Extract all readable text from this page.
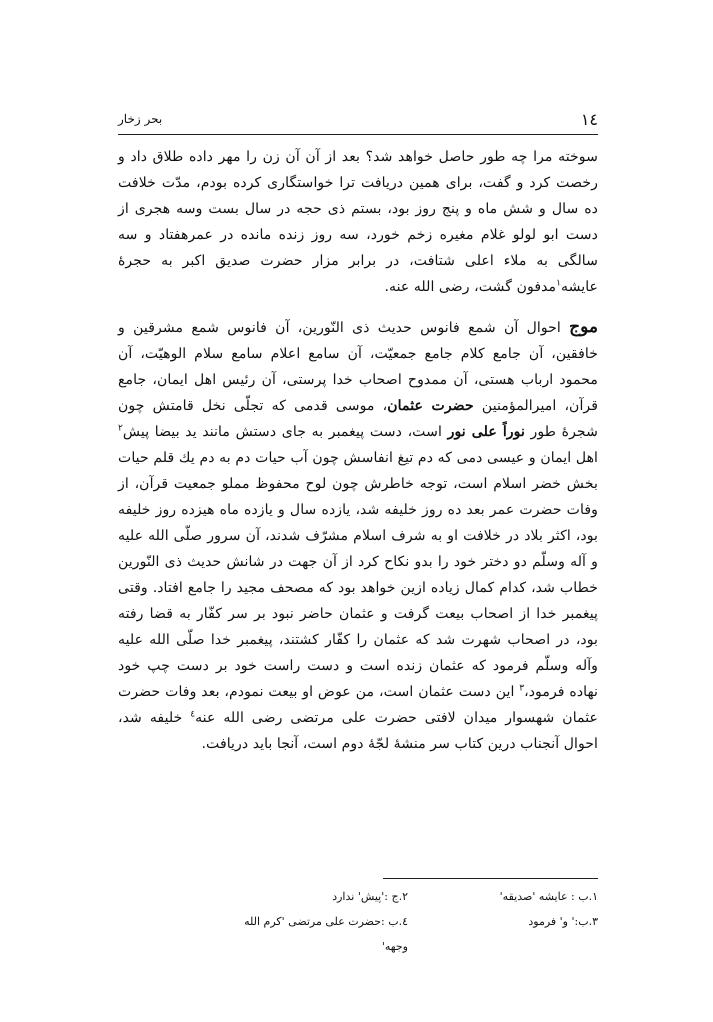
١٤
بحر زخار

سوخته مرا چه طور حاصل خواهد شد؟ بعد از آن آن زن را مهر داده طلاق داد و رخصت کرد و گفت، برای همین دریافت ترا خواستگاری کرده بودم، مدّت خلافت ده سال و شش ماه و پنج روز بود، بستم ذی حجه در سال بست وسه هجری از دست ابو لولو غلام مغیره زخم خورد، سه روز زنده مانده در عمرهفتاد و سه سالگی به ملاء اعلی شتافت، در برابر مزار حضرت صدیق اکبر به حجرۀ عایشه$^١$مدفون گشت، رضی الله عنه.

موج احوال آن شمع فانوس حدیث ذی النّورین، آن فانوس شمع مشرقین و خافقین، آن جامع کلام جامع جمعیّت، آن سامع اعلام سامع سلام الوهیّت، آن محمود ارباب هستی، آن ممدوح اصحاب خدا پرستی، آن رئیس اهل ایمان، جامع قرآن، امیرالمؤمنین حضرت عثمان، موسی قدمی که تجلّی نخل قامتش چون شجرۀ طور نوراً علی نور است، دست پیغمبر به جای دستش مانند ید بیضا پیش$^٢$ اهل ایمان و عیسی دمی که دم تیغ انفاسش چون آب حیات دم به دم یك قلم حیات بخش خضر اسلام است، توجه خاطرش چون لوح محفوظ مملو جمعیت قرآن، از وفات حضرت عمر بعد ده روز خلیفه شد، یازده سال و یازده ماه هیزده روز خلیفه بود، اکثر بلاد در خلافت او به شرف اسلام مشرّف شدند، آن سرور صلّی الله علیه و آله وسلّم دو دختر خود را بدو نکاح کرد از آن جهت در شانش حدیث ذی النّورین خطاب شد، کدام کمال زیاده ازین خواهد بود که مصحف مجید را جامع افتاد. وقتی پیغمبر خدا از اصحاب بیعت گرفت و عثمان حاضر نبود بر سر کفّار به قضا رفته بود، در اصحاب شهرت شد که عثمان را کفّار کشتند، پیغمبر خدا صلّی الله علیه وآله وسلّم فرمود که عثمان زنده است و دست راست خود بر دست چپ خود نهاده فرمود،$^٣$ این دست عثمان است، من عوض او بیعت نمودم، بعد وفات حضرت عثمان شهسوار میدان لافتی حضرت علی مرتضی رضی الله عنه$^٤$ خلیفه شد، احوال آنجناب درین کتاب سر منشۀ لجّۀ دوم است، آنجا باید دریافت.

١.ب : عایشه 'صدیقه'
٢.ج :'پیش' ندارد
٣.ب:' و' فرمود
٤.ب :حضرت علی مرتضی 'کرم الله وجهه'
